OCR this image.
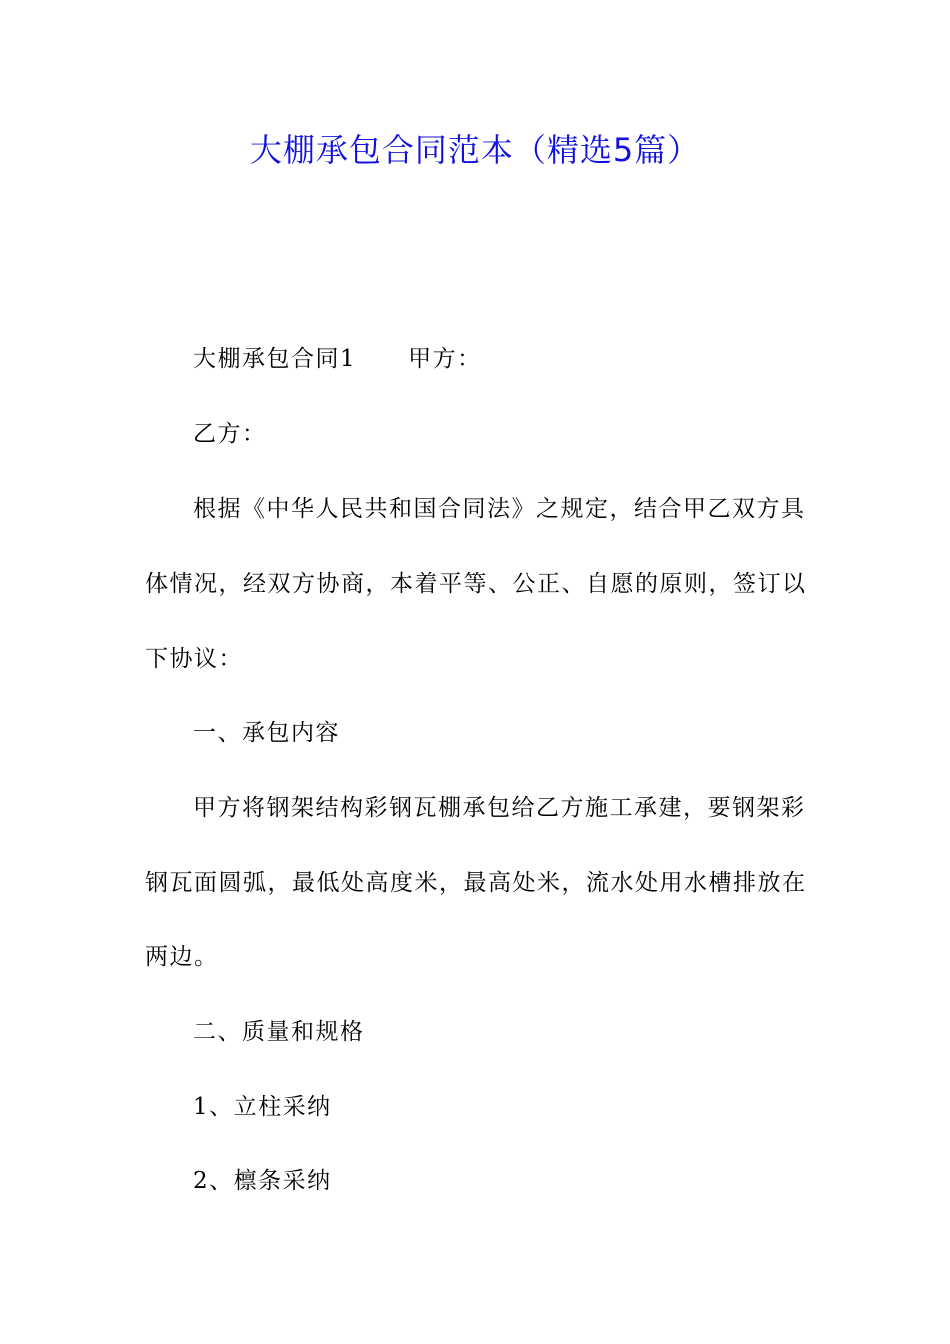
大棚承包合同范本（精选5篇）
大棚承包合同1 甲方：
乙方：
根据《中华人民共和国合同法》之规定，结合甲乙双方具
体情况，经双方协商，本着平等、公正、自愿的原则，签订以
下协议：
一、承包内容
甲方将钢架结构彩钢瓦棚承包给乙方施工承建，要钢架彩
钢瓦面圆弧，最低处高度米，最高处米，流水处用水槽排放在
两边。
二、质量和规格
1、立柱采纳
2、檩条采纳
